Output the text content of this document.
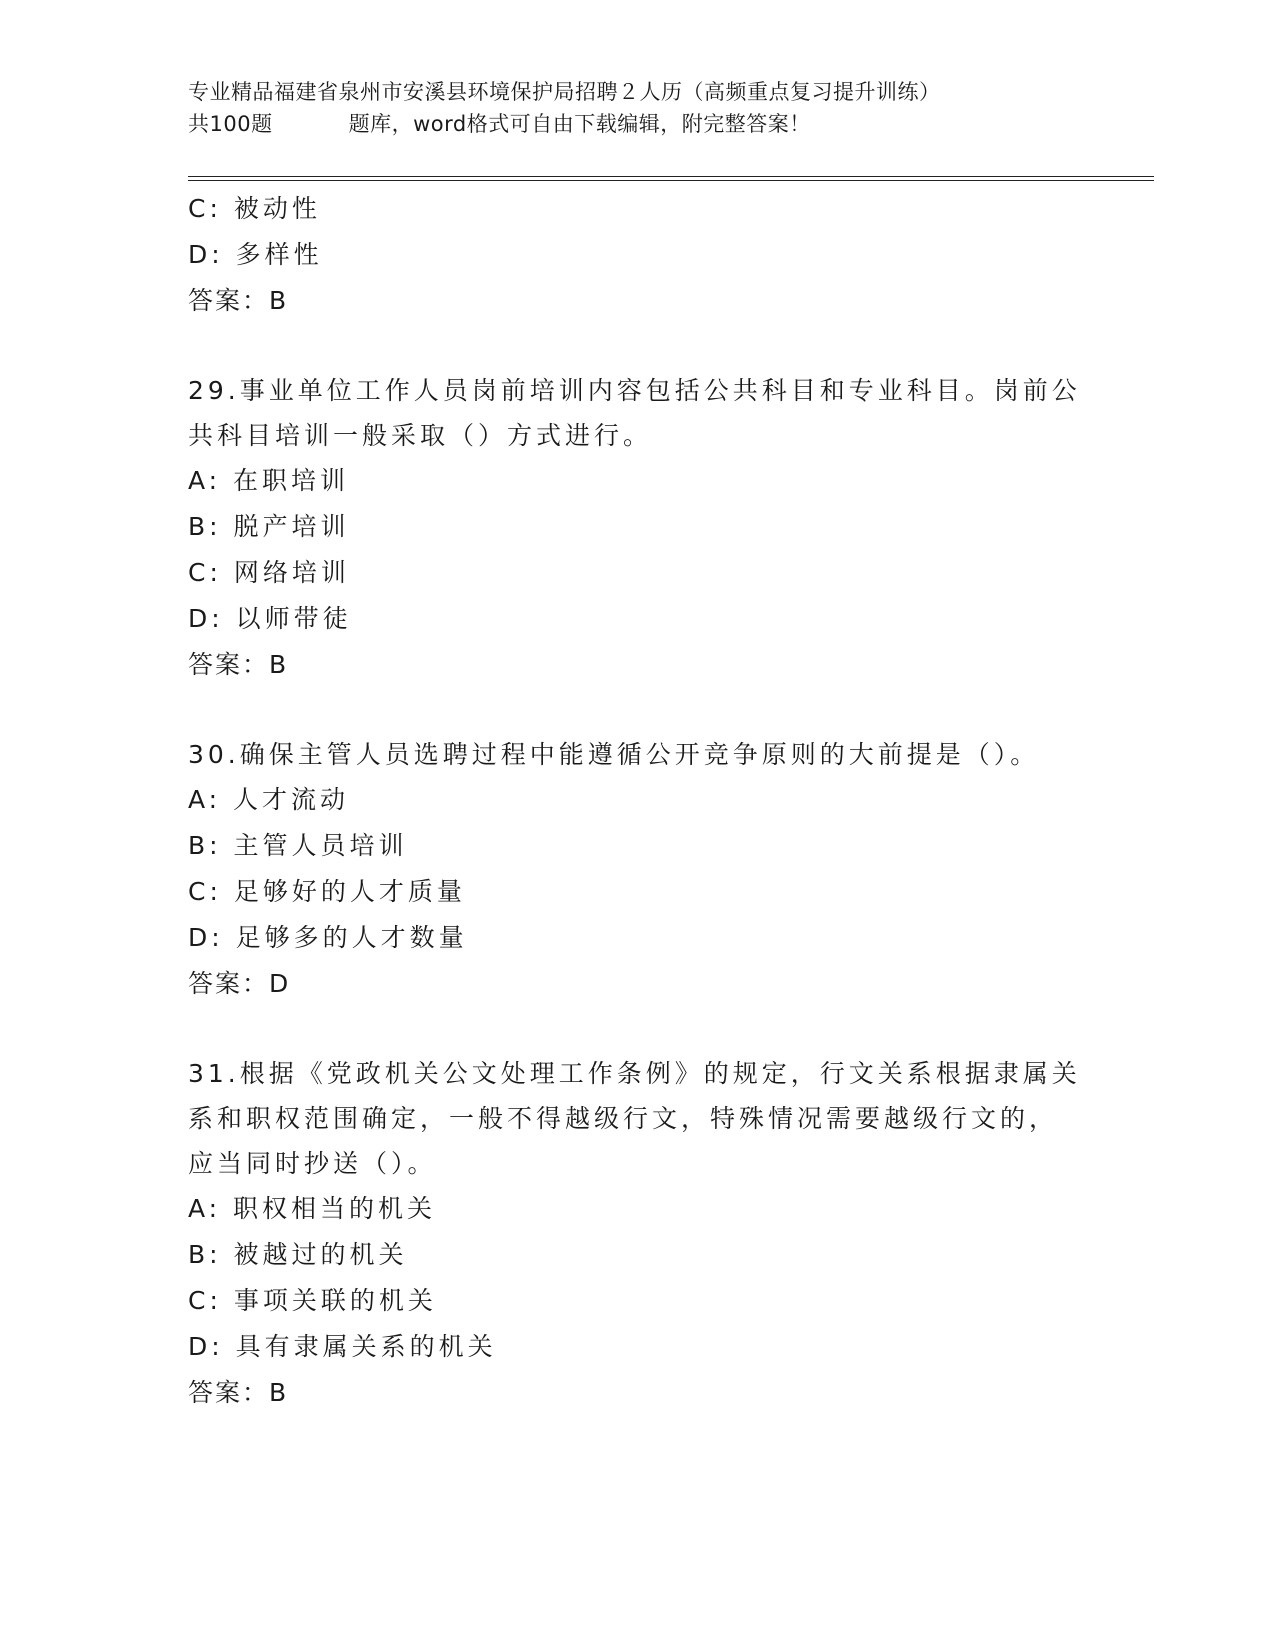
专业精品福建省泉州市安溪县环境保护局招聘２人历（高频重点复习提升训练）
共100题	题库，word格式可自由下载编辑，附完整答案！
C: 被动性
D: 多样性
答案：B
29.事业单位工作人员岗前培训内容包括公共科目和专业科目。岗前公
共科目培训一般采取（）方式进行。
A: 在职培训
B: 脱产培训
C: 网络培训
D: 以师带徒
答案：B
30.确保主管人员选聘过程中能遵循公开竞争原则的大前提是（）。
A: 人才流动
B: 主管人员培训
C: 足够好的人才质量
D: 足够多的人才数量
答案：D
31.根据《党政机关公文处理工作条例》的规定，行文关系根据隶属关
系和职权范围确定，一般不得越级行文，特殊情况需要越级行文的，
应当同时抄送（）。
A: 职权相当的机关
B: 被越过的机关
C: 事项关联的机关
D: 具有隶属关系的机关
答案：B
